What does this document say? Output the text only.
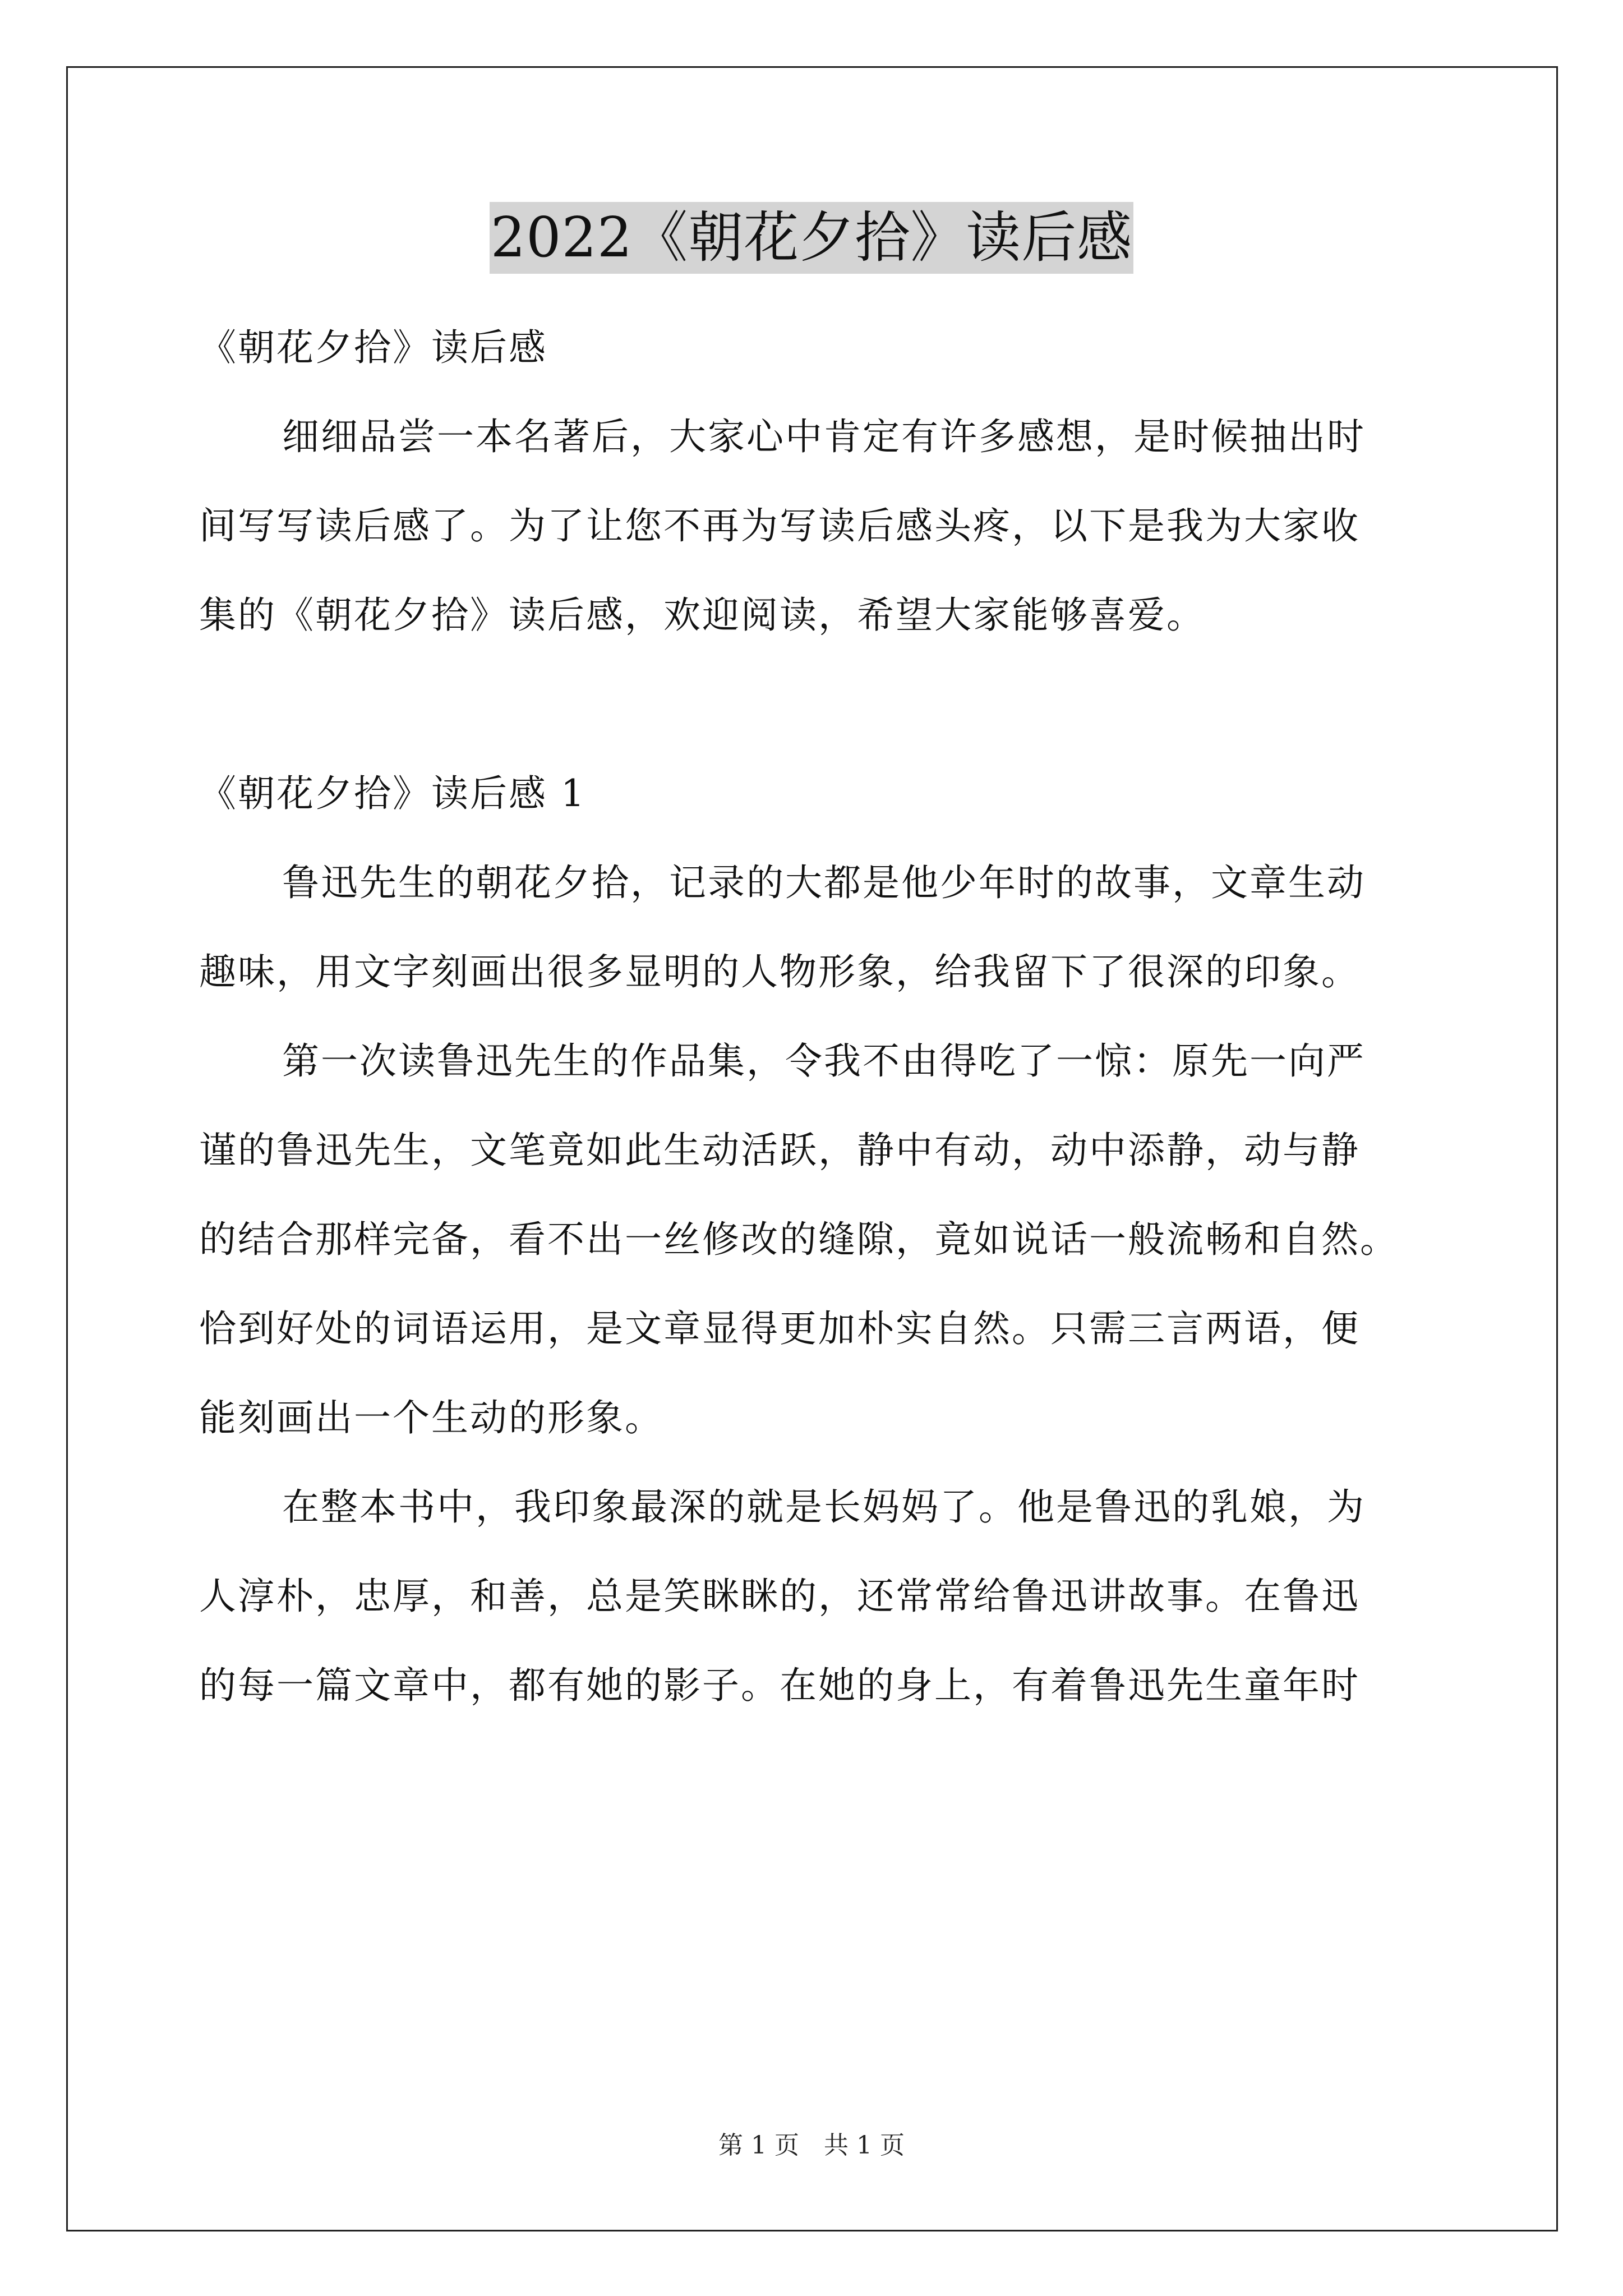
2022《朝花夕拾》读后感
《朝花夕拾》读后感
细细品尝一本名著后，大家心中肯定有许多感想，是时候抽出时
间写写读后感了。为了让您不再为写读后感头疼，以下是我为大家收
集的《朝花夕拾》读后感，欢迎阅读，希望大家能够喜爱。
《朝花夕拾》读后感 1
鲁迅先生的朝花夕拾，记录的大都是他少年时的故事，文章生动
趣味，用文字刻画出很多显明的人物形象，给我留下了很深的印象。
第一次读鲁迅先生的作品集，令我不由得吃了一惊：原先一向严
谨的鲁迅先生，文笔竟如此生动活跃，静中有动，动中添静，动与静
的结合那样完备，看不出一丝修改的缝隙，竟如说话一般流畅和自然。
恰到好处的词语运用，是文章显得更加朴实自然。只需三言两语，便
能刻画出一个生动的形象。
在整本书中，我印象最深的就是长妈妈了。他是鲁迅的乳娘，为
人淳朴，忠厚，和善，总是笑眯眯的，还常常给鲁迅讲故事。在鲁迅
的每一篇文章中，都有她的影子。在她的身上，有着鲁迅先生童年时
第 1 页　共 1 页
